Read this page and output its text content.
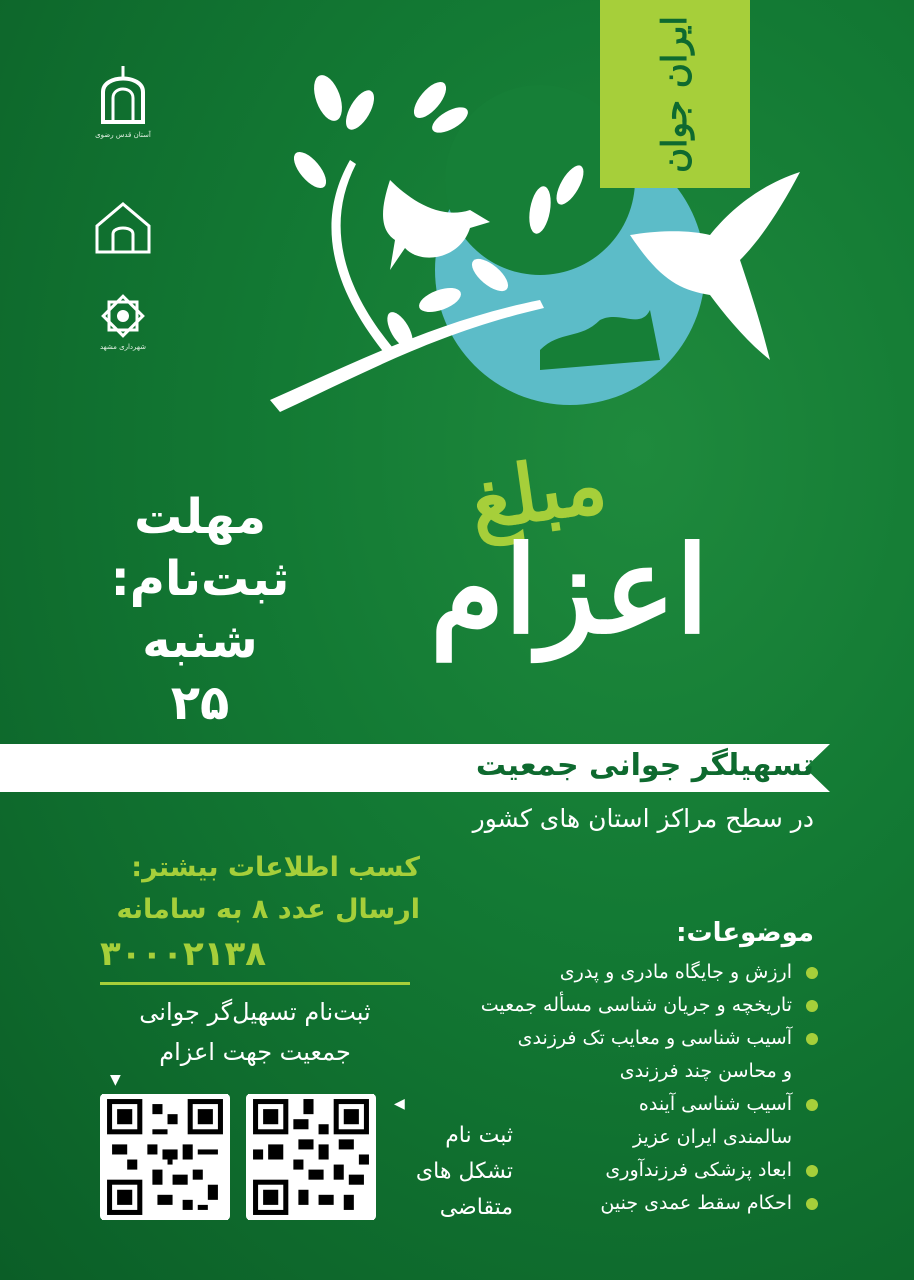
ایران جوان
آستان قدس رضوی
شهرداری مشهد
مهلت
ثبت‌نام:
شنبه
۲۵
مبلغ
اعزام
تسهیلگر جوانی جمعیت
در سطح مراکز استان های کشور
کسب اطلاعات بیشتر:
ارسال عدد ۸ به سامانه
۳۰۰۰۲۱۳۸
ثبت‌نام تسهیل‌گر جوانی جمعیت جهت اعزام
▼
◀
ثبت نام تشکل های متقاضی
موضوعات:
ارزش و جایگاه مادری و پدری
تاریخچه و جریان شناسی مسأله جمعیت
آسیب شناسی و معایب تک فرزندی
و محاسن چند فرزندی
آسیب شناسی آینده
سالمندی ایران عزیز
ابعاد پزشکی فرزندآوری
احکام سقط عمدی جنین
